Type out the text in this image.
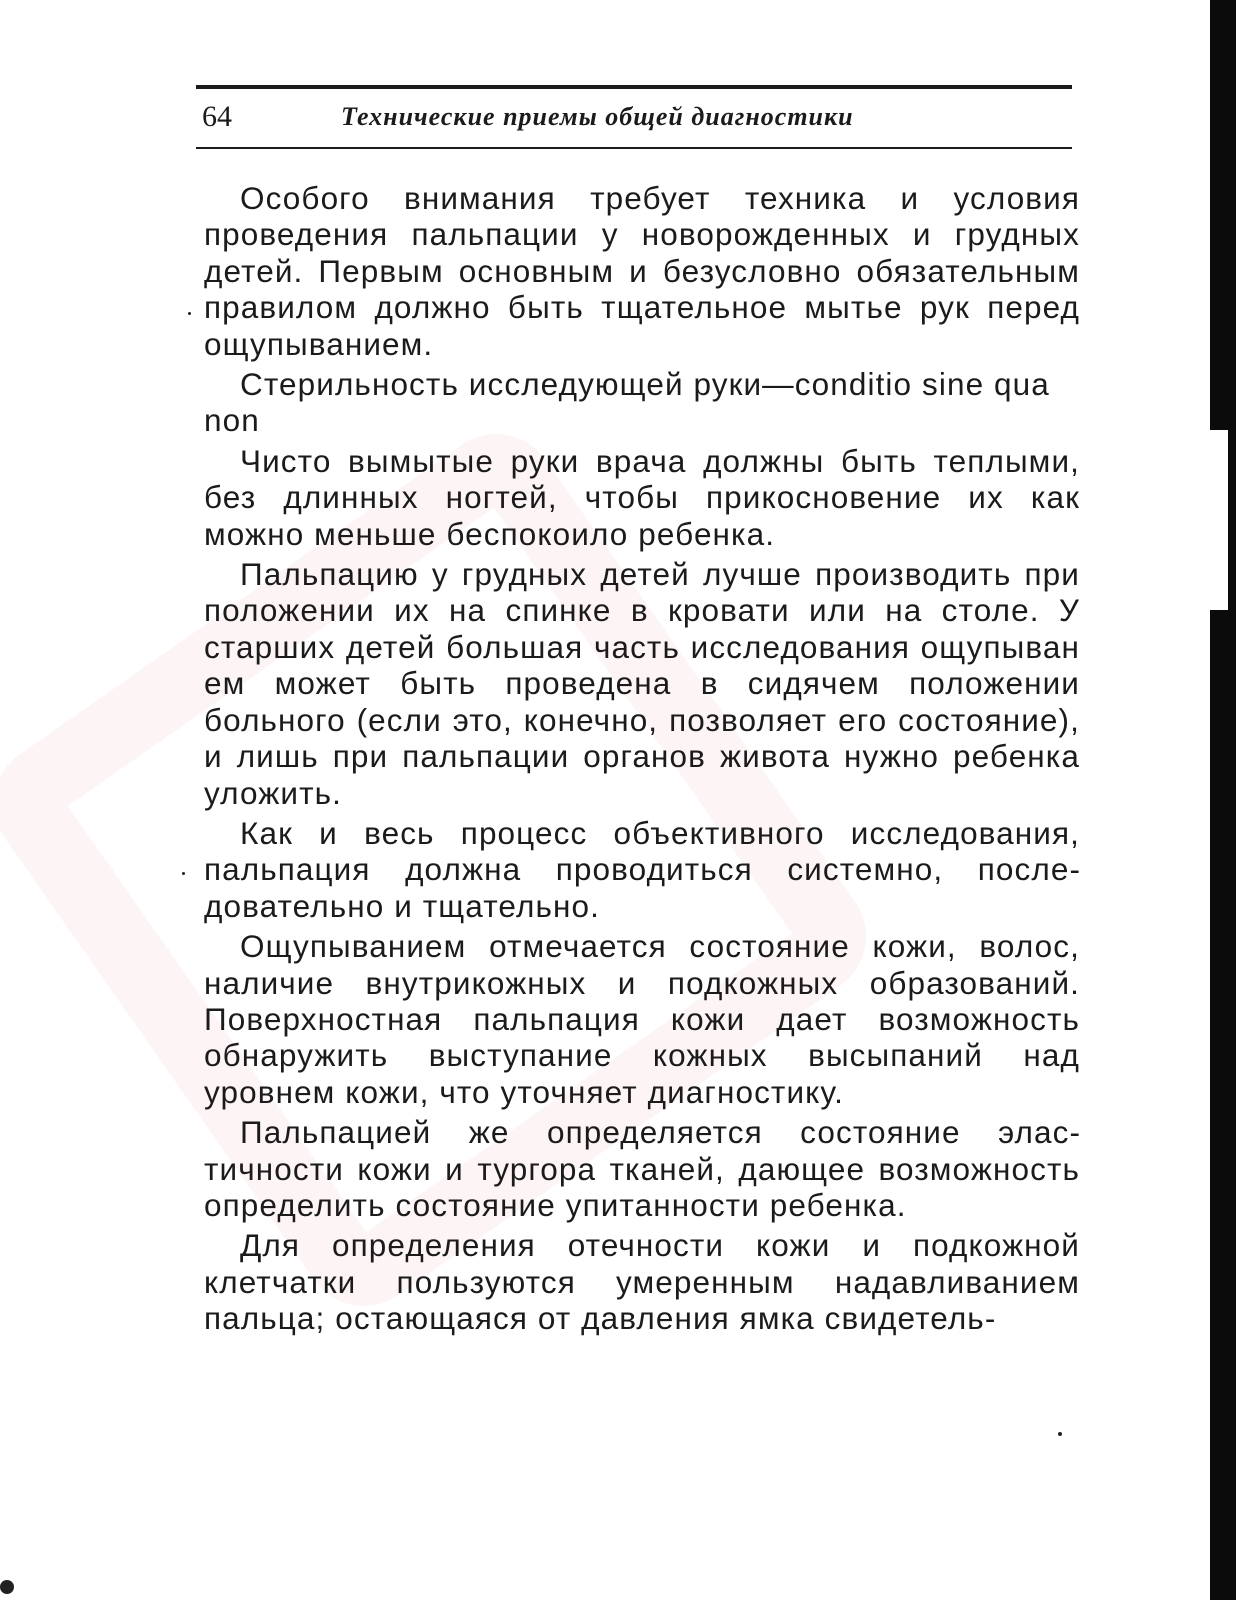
64	Технические приемы общей диагностики

Особого внимания требует техника и условия проведения пальпации у новорожденных и грудных детей. Первым основным и безусловно обязательным правилом должно быть тщательное мытье рук перед ощупыванием.

Стерильность исследующей руки—conditio sine qua non

Чисто вымытые руки врача должны быть теплыми, без длинных ногтей, чтобы прикосновение их как можно меньше беспокоило ребенка.

Пальпацию у грудных детей лучше производить при положении их на спинке в кровати или на столе. У старших детей большая часть исследования ощупыван ем может быть проведена в сидячем положении больного (если это, конечно, позволяет его состояние), и лишь при пальпации органов живота нужно ребенка уложить.

Как и весь процесс объективного исследования, пальпация должна проводиться системно, последовательно и тщательно.

Ощупыванием отмечается состояние кожи, волос, наличие внутрикожных и подкожных образований. Поверхностная пальпация кожи дает возможность обнаружить выступание кожных высыпаний над уровнем кожи, что уточняет диагностику.

Пальпацией же определяется состояние эластичности кожи и тургора тканей, дающее возможность определить состояние упитанности ребенка.

Для определения отечности кожи и подкожной клетчатки пользуются умеренным надавливанием пальца; остающаяся от давления ямка свидетель-
